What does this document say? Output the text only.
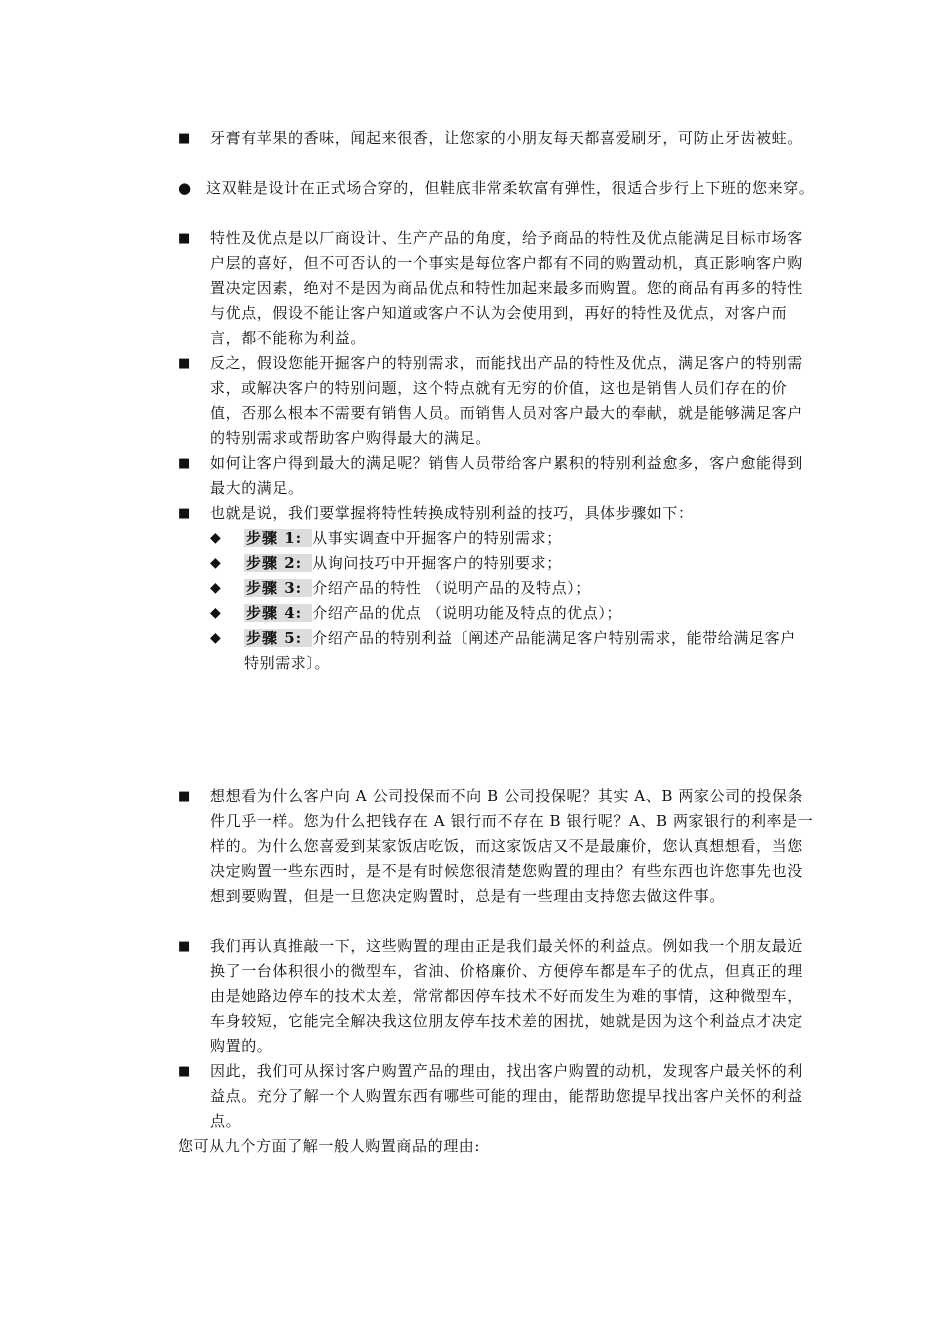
■	牙膏有苹果的香味，闻起来很香，让您家的小朋友每天都喜爱刷牙，可防止牙齿被蛀。
● 这双鞋是设计在正式场合穿的，但鞋底非常柔软富有弹性，很适合步行上下班的您来穿。
■	特性及优点是以厂商设计、生产产品的角度，给予商品的特性及优点能满足目标市场客户层的喜好，但不可否认的一个事实是每位客户都有不同的购置动机，真正影响客户购置决定因素，绝对不是因为商品优点和特性加起来最多而购置。您的商品有再多的特性与优点，假设不能让客户知道或客户不认为会使用到，再好的特性及优点，对客户而言，都不能称为利益。
■	反之，假设您能开掘客户的特别需求，而能找出产品的特性及优点，满足客户的特别需求，或解决客户的特别问题，这个特点就有无穷的价值，这也是销售人员们存在的价值，否那么根本不需要有销售人员。而销售人员对客户最大的奉献，就是能够满足客户的特别需求或帮助客户购得最大的满足。
■	如何让客户得到最大的满足呢？销售人员带给客户累积的特别利益愈多，客户愈能得到最大的满足。
■	也就是说，我们要掌握将特性转换成特别利益的技巧，具体步骤如下：
◆ 步骤 1: 从事实调查中开掘客户的特别需求；
◆ 步骤 2: 从询问技巧中开掘客户的特别要求；
◆ 步骤 3: 介绍产品的特性 （说明产品的及特点）；
◆ 步骤 4: 介绍产品的优点 （说明功能及特点的优点）；
◆ 步骤 5: 介绍产品的特别利益〔阐述产品能满足客户特别需求，能带给满足客户特别需求〕。
■	想想看为什么客户向 A 公司投保而不向 B 公司投保呢？其实 A、B 两家公司的投保条件几乎一样。您为什么把钱存在 A 银行而不存在 B 银行呢？A、B 两家银行的利率是一样的。为什么您喜爱到某家饭店吃饭，而这家饭店又不是最廉价，您认真想想看，当您决定购置一些东西时，是不是有时候您很清楚您购置的理由？有些东西也许您事先也没想到要购置，但是一旦您决定购置时，总是有一些理由支持您去做这件事。
■	我们再认真推敲一下，这些购置的理由正是我们最关怀的利益点。例如我一个朋友最近换了一台体积很小的微型车，省油、价格廉价、方便停车都是车子的优点，但真正的理由是她路边停车的技术太差，常常都因停车技术不好而发生为难的事情，这种微型车，车身较短，它能完全解决我这位朋友停车技术差的困扰，她就是因为这个利益点才决定购置的。
■	因此，我们可从探讨客户购置产品的理由，找出客户购置的动机，发现客户最关怀的利益点。充分了解一个人购置东西有哪些可能的理由，能帮助您提早找出客户关怀的利益点。
您可从九个方面了解一般人购置商品的理由:
